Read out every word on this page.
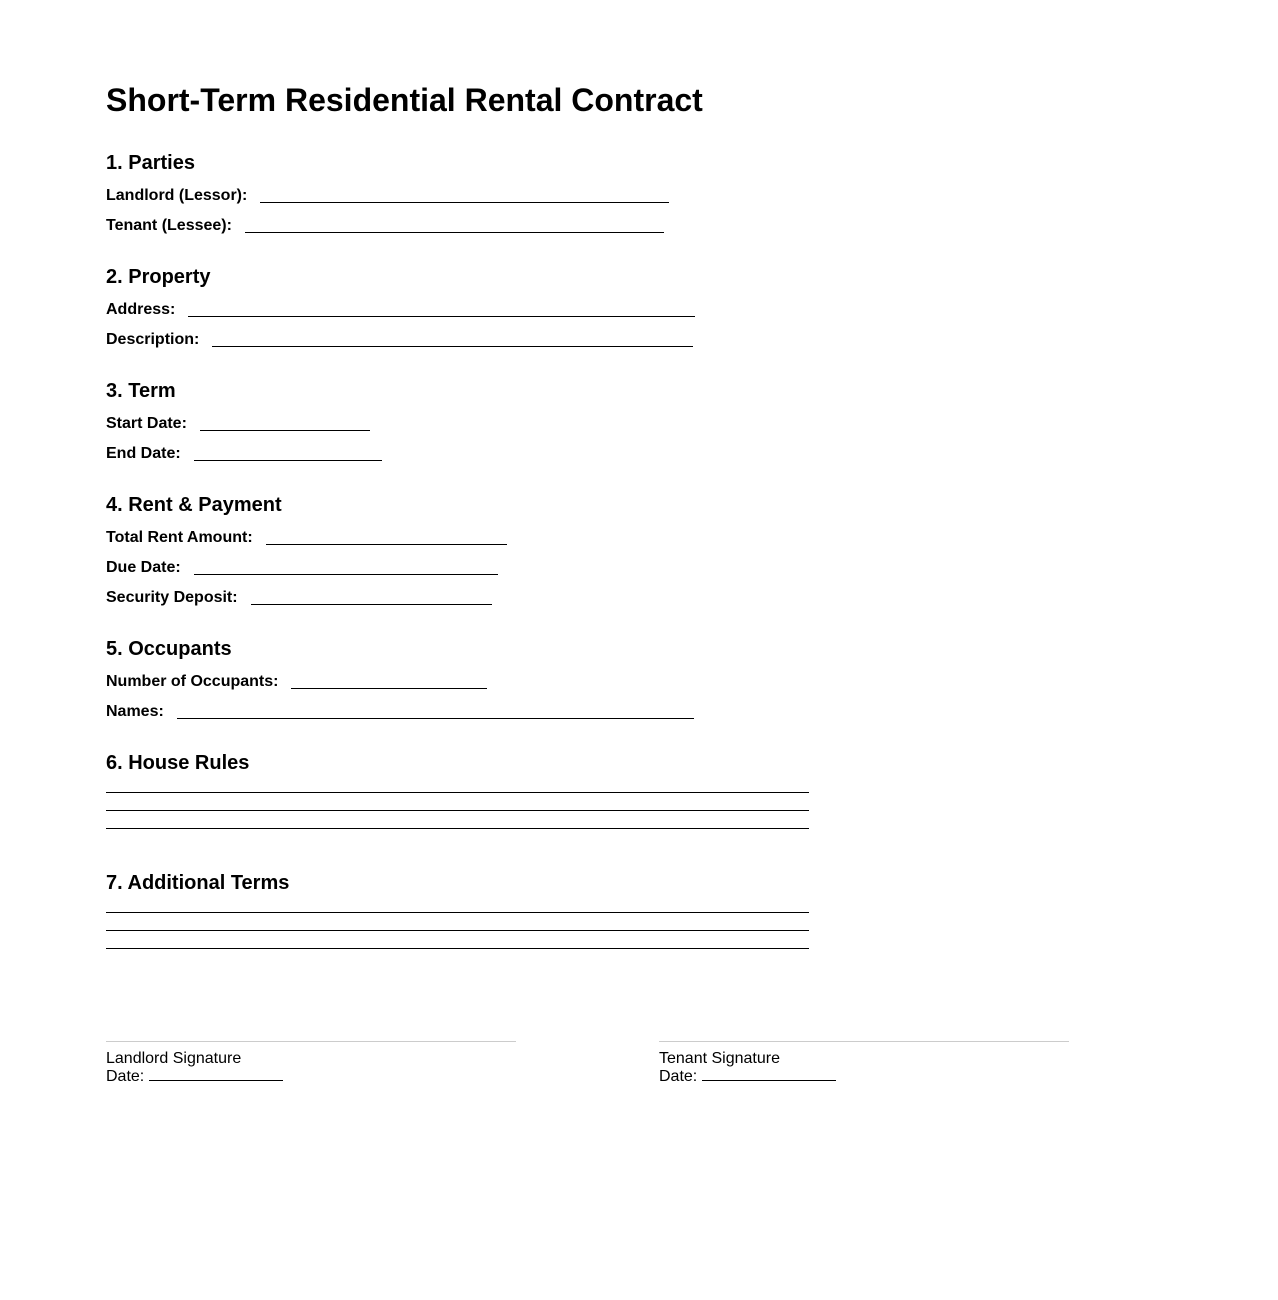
Short-Term Residential Rental Contract
1. Parties
Landlord (Lessor):
Tenant (Lessee):
2. Property
Address:
Description:
3. Term
Start Date:
End Date:
4. Rent & Payment
Total Rent Amount:
Due Date:
Security Deposit:
5. Occupants
Number of Occupants:
Names:
6. House Rules
7. Additional Terms
Landlord Signature
Date:
Tenant Signature
Date:
